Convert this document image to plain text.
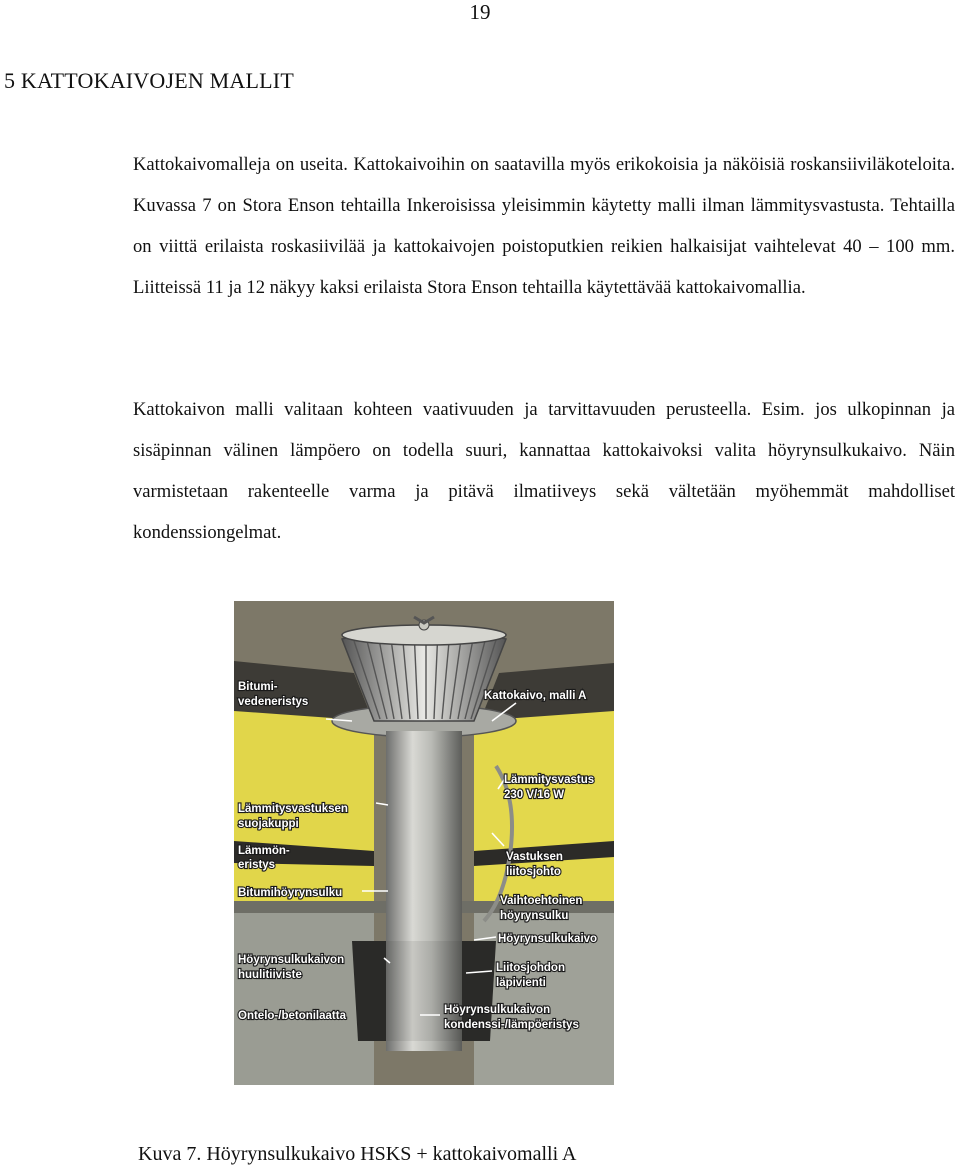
19
5 KATTOKAIVOJEN MALLIT

Kattokaivomalleja on useita. Kattokaivoihin on saatavilla myös erikokoisia ja näköisiä roskansiiviläkoteloita. Kuvassa 7 on Stora Enson tehtailla Inkeroisissa yleisimmin käytetty malli ilman lämmitysvastusta. Tehtailla on viittä erilaista roskasiivilää ja kattokaivojen poistoputkien reikien halkaisijat vaihtelevat 40 – 100 mm. Liitteissä 11 ja 12 näkyy kaksi erilaista Stora Enson tehtailla käytettävää kattokaivomallia.

Kattokaivon malli valitaan kohteen vaativuuden ja tarvittavuuden perusteella. Esim. jos ulkopinnan ja sisäpinnan välinen lämpöero on todella suuri, kannattaa kattokaivoksi valita höyrynsulkukaivo. Näin varmistetaan rakenteelle varma ja pitävä ilmatiiveys sekä vältetään myöhemmät mahdolliset kondenssiongelmat.

Bitumi-
vedeneristys	Kattokaivo, malli A
Lämmitysvastus
230 V/16 W
Lämmitysvastuksen
suojakuppi
Lämmön-
eristys
Bitumihöyrynsulku
Vastuksen
liitosjohto
Vaihtoehtoinen
höyrynsulku
Höyrynsulkukaivo
Höyrynsulkukaivon
huulitiiviste
Liitosjohdon
läpivienti
Ontelo-/betonilaatta	Höyrynsulkukaivon
kondenssi-/lämpöeristys

Kuva 7. Höyrynsulkukaivo HSKS + kattokaivomalli A
